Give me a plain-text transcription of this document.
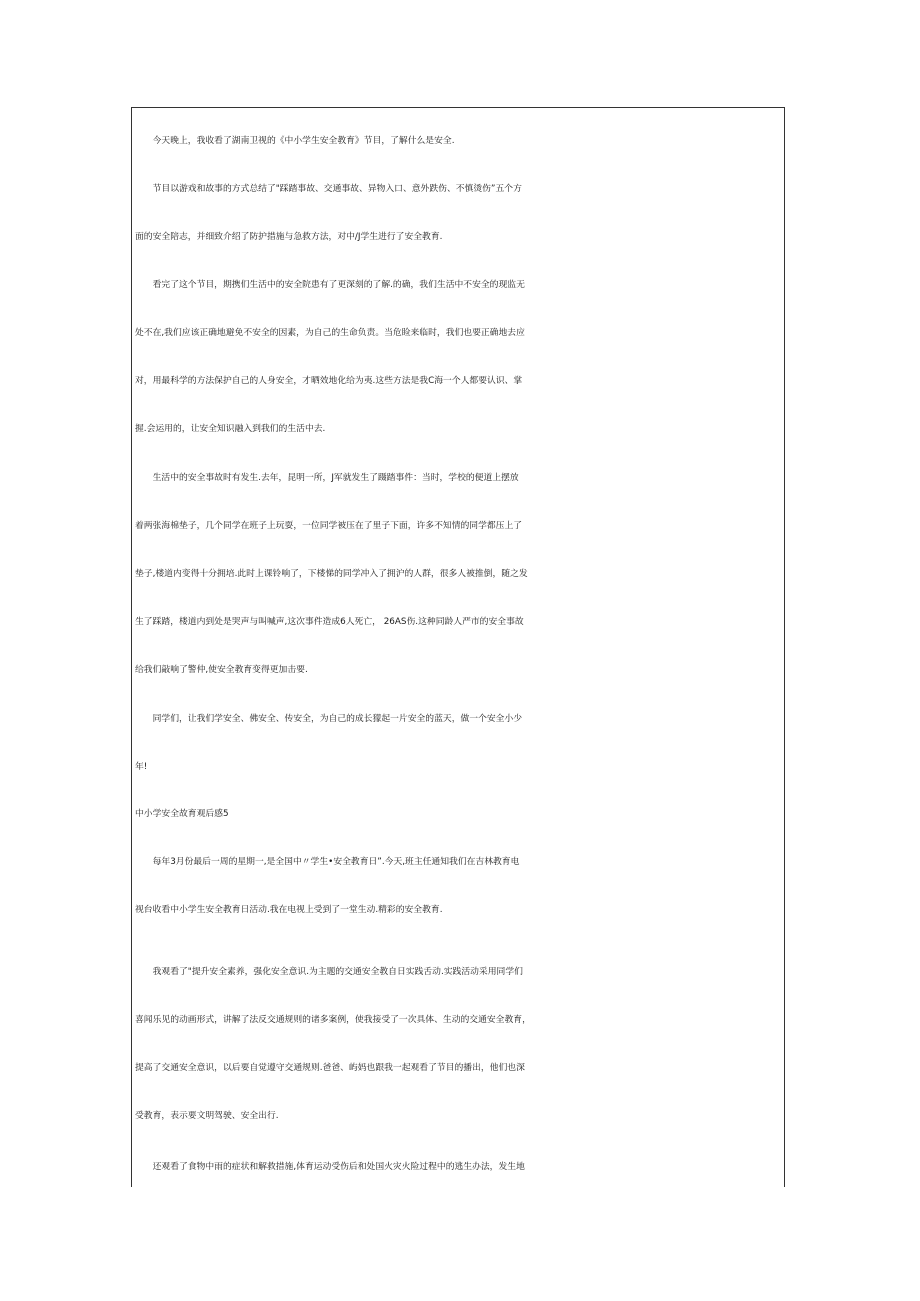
　　今天晚上，我收看了湖南卫视的《中小学生安全教育》节目，了解什么是安全.
　　节目以游戏和故事的方式总结了"踩踏事故、交通事故、异物入口、意外跌伤、不慎烫伤”五个方
面的安全陪志，并细致介绍了防护措施与急救方法，对中/J学生进行了安全教育.
　　看完了这个节目，期携们生活中的安全院患有了更深刻的了解.的确，我们生活中不安全的现监无
处不在,我们应该正确地避免不安全的因素，为自己的生命负责。当危睑来临时，我们也要正确地去应
对，用最科学的方法保护自己的人身安全，才晒效地化给为夷.这些方法是我C海一个人都要认识、掌
握.会运用的，让安全知识融入到我们的生活中去.
　　生活中的安全事故时有发生.去年，昆明一所，J军就发生了蹑踏事件：当时，学校的便道上摆放
着两张海棉垫子，几个同学在班子上玩耍，一位同学被压在了里子下面，许多不知情的同学都压上了
垫子,楼道内变得十分拥培.此时上课铃响了，下楼悌的同学冲入了拥沪的人群，很多人被推倒，随之发
生了踩踏，楼道内到处是哭声与叫喊声,这次事件造成6人死亡， 26AS伤.这种同龄人严市的安全事故
给我们敲响了警仲,使安全教育变得更加击要.
　　同学们，让我们学安全、佛安全、传安全，为自己的成长獴起一片安全的蓝天，做一个安全小少
年!
中小学安全故育观后感5
　　每年3月份最后一周的星期一,是全国中〃学生•安全教育日”.今天,班主任通知我们在吉林教育电
视台收看中小学生安全教育日活动.我在电视上受到了一堂生动.精彩的安全教育.
　　我观看了"提升安全素养，强化安全意识.为主题的交通安全教自日实践舌动.实践活动采用同学们
喜闻乐见的动画形式，讲解了法反交通规则的诸多案例，使我接受了一次具体、生动的交通安全教育，
提高了交通安全意识，以后要自觉遵守交通规则.爸爸、屿妈也跟我一起观看了节目的播出，他们也深
受教育，表示要文明驾驶、安全出行.
　　还观看了食物中雨的症状和解救措施,体育运动受伤后和处国火灾火险过程中的逃生办法，发生地
